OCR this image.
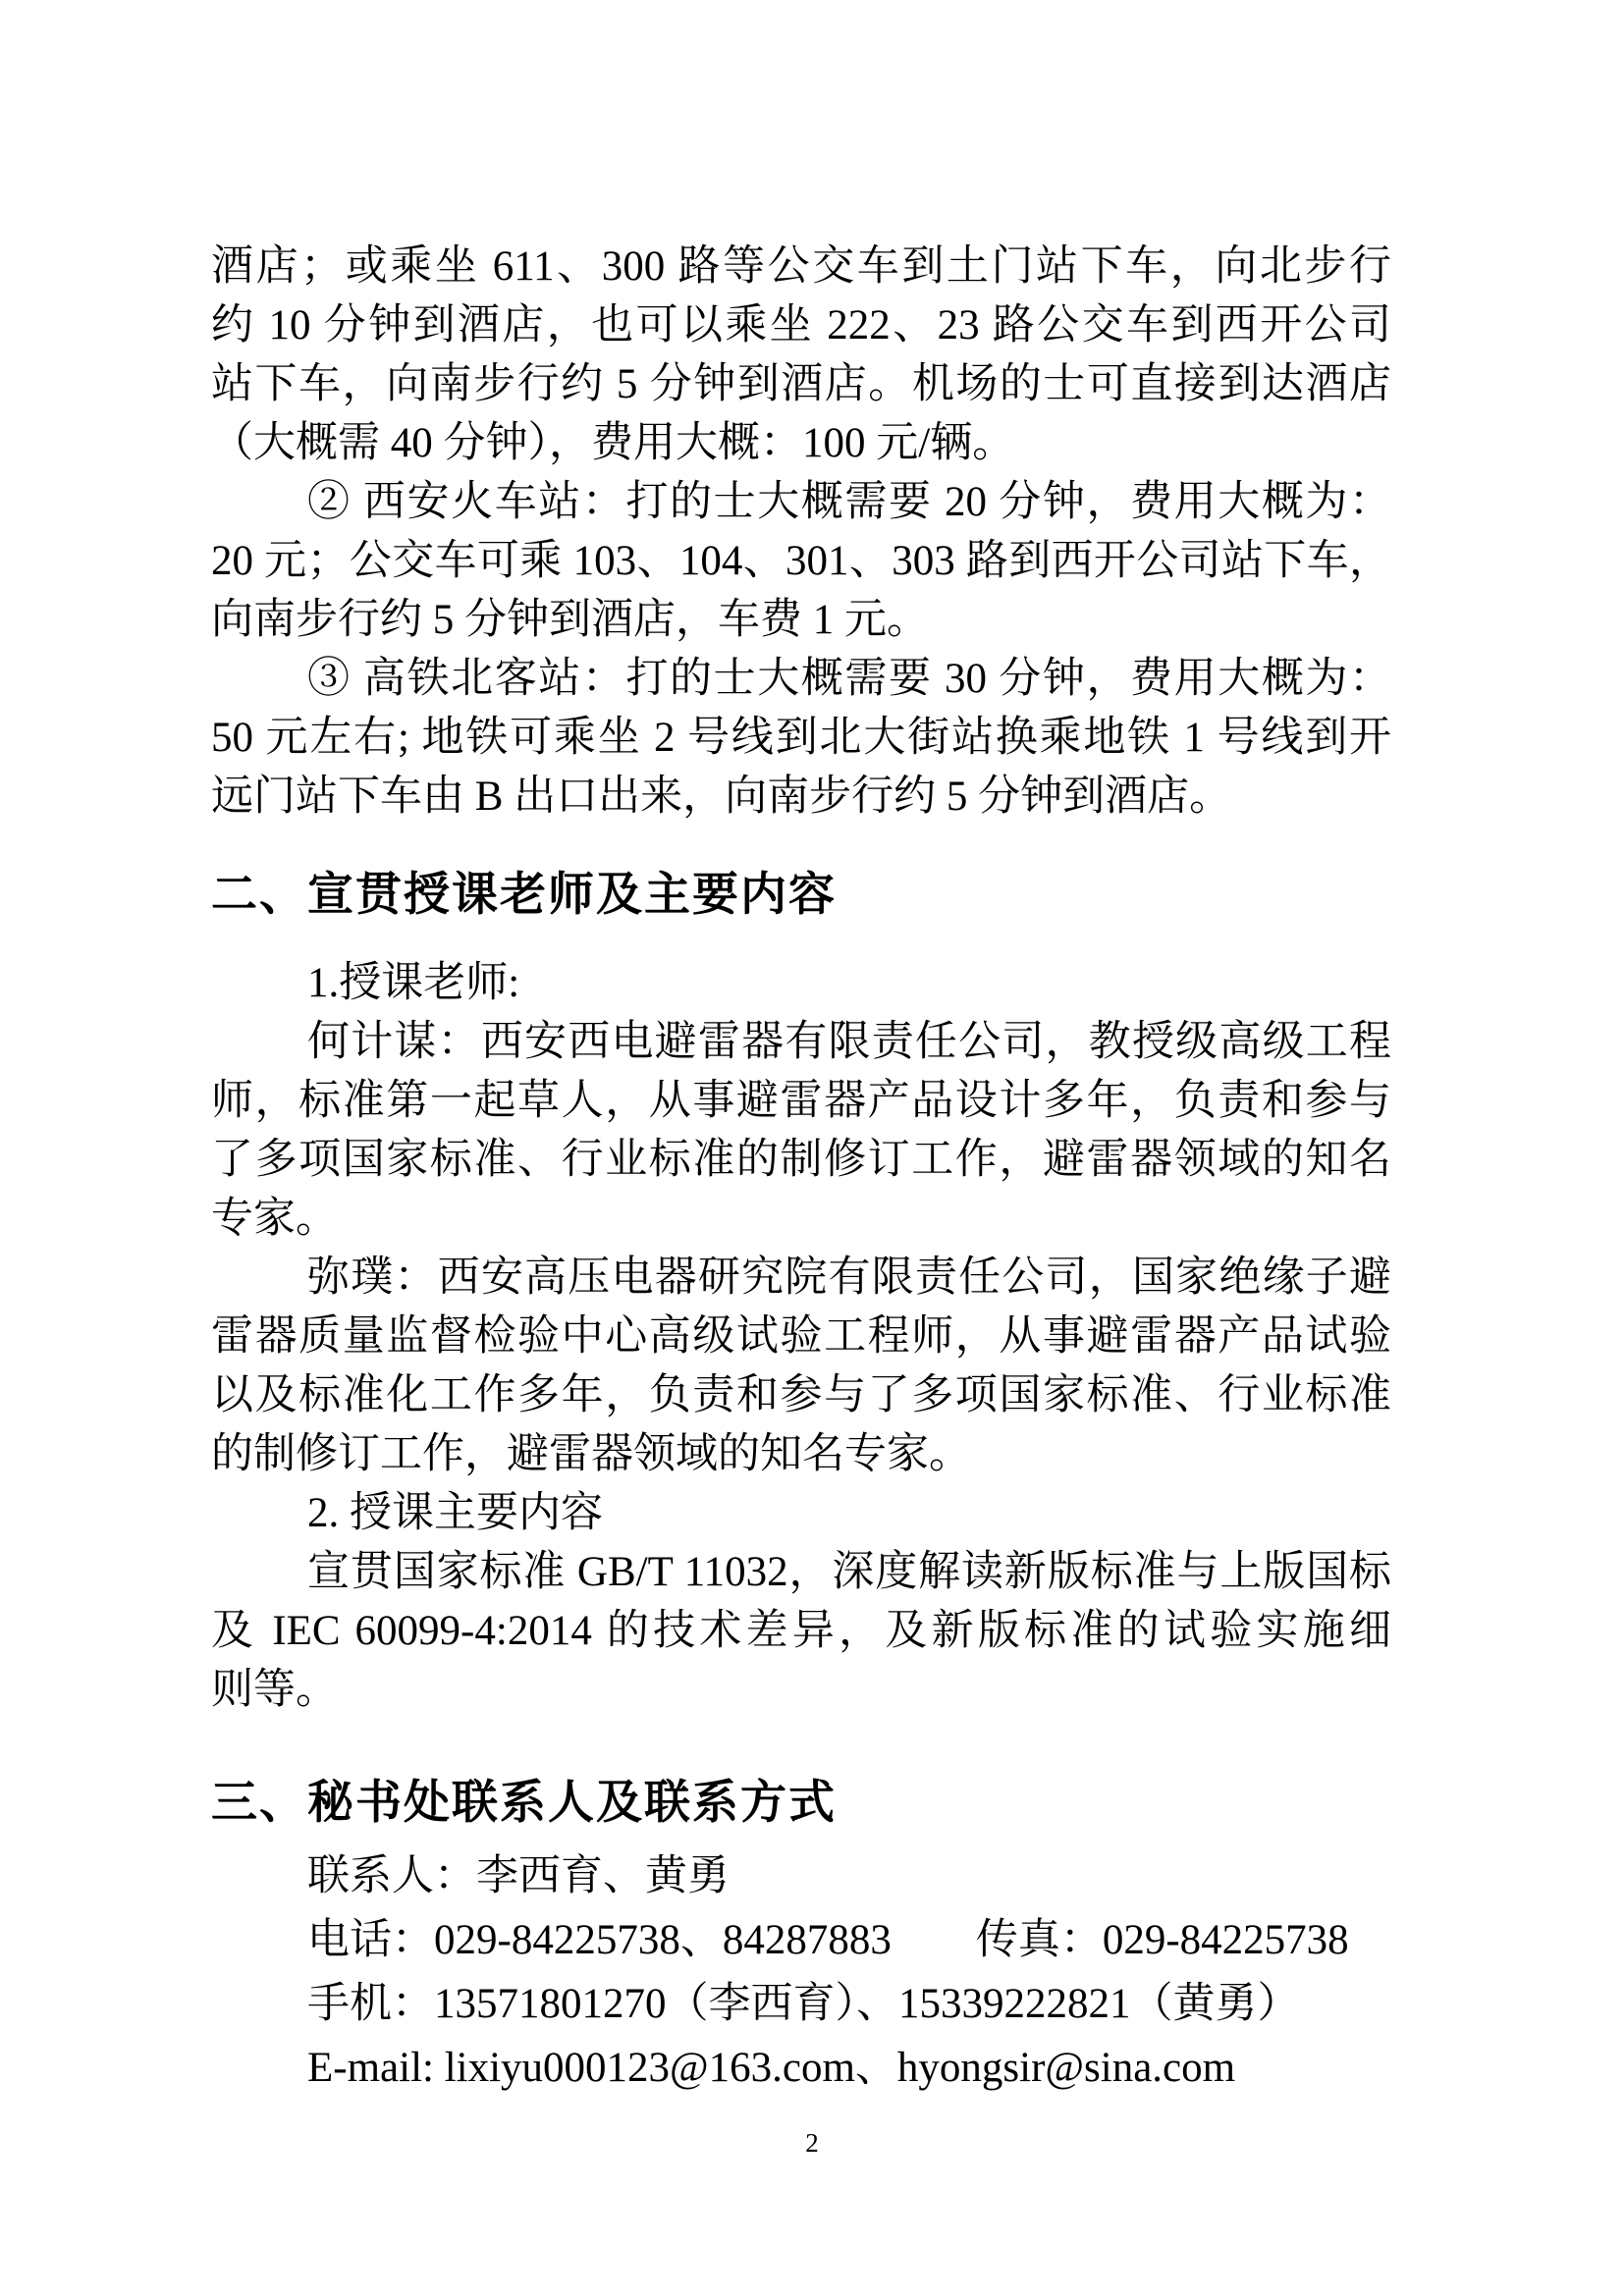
酒店；或乘坐 611、300 路等公交车到土门站下车，向北步行
约 10 分钟到酒店，也可以乘坐 222、23 路公交车到西开公司
站下车，向南步行约 5 分钟到酒店。机场的士可直接到达酒店
（大概需 40 分钟），费用大概：100 元/辆。
② 西安火车站：打的士大概需要 20 分钟，费用大概为：
20 元；公交车可乘 103、104、301、303 路到西开公司站下车，
向南步行约 5 分钟到酒店，车费 1 元。
③ 高铁北客站：打的士大概需要 30 分钟，费用大概为：
50 元左右; 地铁可乘坐 2 号线到北大街站换乘地铁 1 号线到开
远门站下车由 B 出口出来，向南步行约 5 分钟到酒店。
二、宣贯授课老师及主要内容
1.授课老师:
何计谋：西安西电避雷器有限责任公司，教授级高级工程
师，标准第一起草人，从事避雷器产品设计多年，负责和参与
了多项国家标准、行业标准的制修订工作，避雷器领域的知名
专家。
弥璞：西安高压电器研究院有限责任公司，国家绝缘子避
雷器质量监督检验中心高级试验工程师，从事避雷器产品试验
以及标准化工作多年，负责和参与了多项国家标准、行业标准
的制修订工作，避雷器领域的知名专家。
2. 授课主要内容
宣贯国家标准 GB/T 11032，深度解读新版标准与上版国标
及 IEC 60099-4:2014 的技术差异，及新版标准的试验实施细
则等。
三、秘书处联系人及联系方式
联系人：李西育、黄勇
电话：029-84225738、84287883　　传真：029-84225738
手机：13571801270（李西育）、15339222821（黄勇）
E-mail: lixiyu000123@163.com、hyongsir@sina.com
2
